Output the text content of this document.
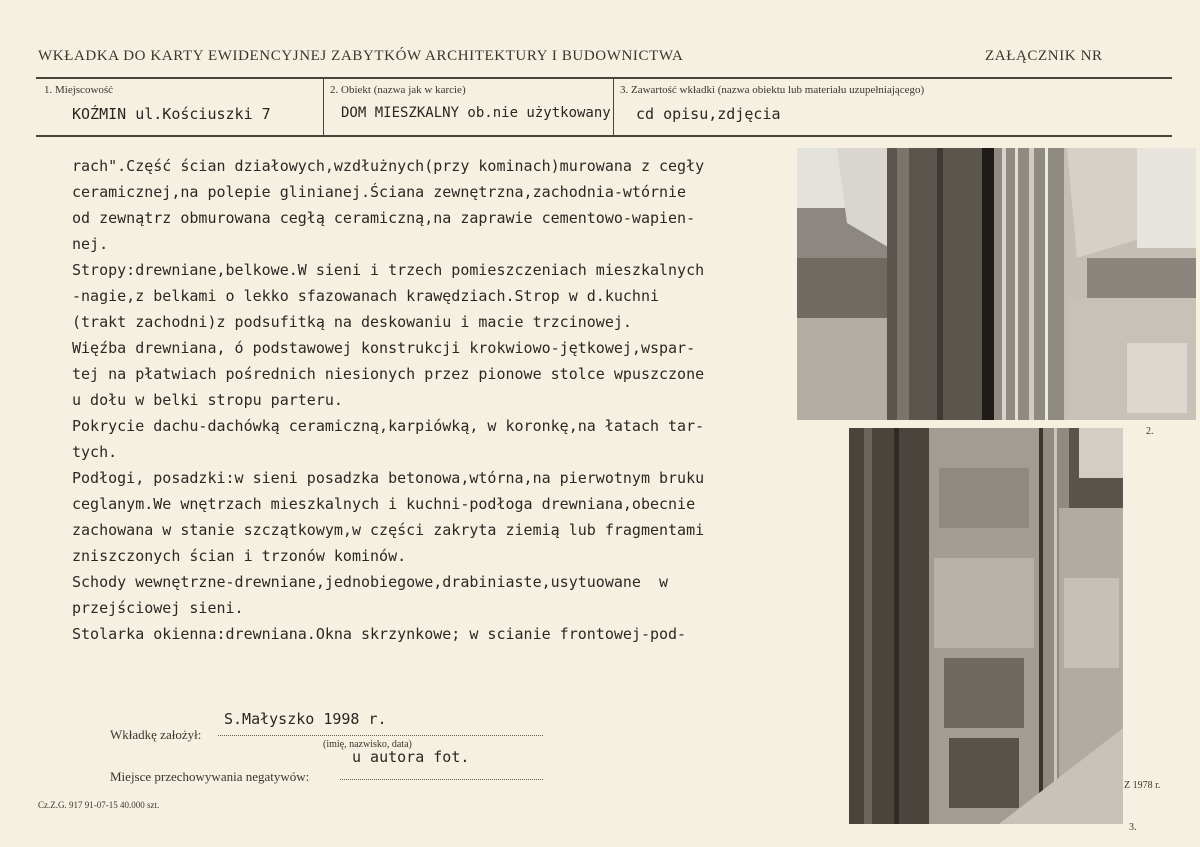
WKŁADKA DO KARTY EWIDENCYJNEJ ZABYTKÓW ARCHITEKTURY I BUDOWNICTWA	ZAŁĄCZNIK NR
1. Miejscowość
KOŹMIN ul.Kościuszki 7
2. Obiekt (nazwa jak w karcie)
DOM MIESZKALNY ob.nie użytkowany
3. Zawartość wkładki (nazwa obiektu lub materiału uzupełniającego)
cd opisu,zdjęcia
rach".Część ścian działowych,wzdłużnych(przy kominach)murowana z cegły
ceramicznej,na polepie glinianej.Ściana zewnętrzna,zachodnia-wtórnie
od zewnątrz obmurowana cegłą ceramiczną,na zaprawie cementowo-wapien-
nej.
Stropy:drewniane,belkowe.W sieni i trzech pomieszczeniach mieszkalnych
-nagie,z belkami o lekko sfazowanach krawędziach.Strop w d.kuchni
(trakt zachodni)z podsufitką na deskowaniu i macie trzcinowej.
Więźba drewniana, ó podstawowej konstrukcji krokwiowo-jętkowej,wspar-
tej na płatwiach pośrednich niesionych przez pionowe stolce wpuszczone
u dołu w belki stropu parteru.
Pokrycie dachu-dachówką ceramiczną,karpiówką, w koronkę,na łatach tar-
tych.
Podłogi, posadzki:w sieni posadzka betonowa,wtórna,na pierwotnym bruku
ceglanym.We wnętrzach mieszkalnych i kuchni-podłoga drewniana,obecnie
zachowana w stanie szczątkowym,w części zakryta ziemią lub fragmentami
zniszczonych ścian i trzonów kominów.
Schody wewnętrzne-drewniane,jednobiegowe,drabiniaste,usytuowane  w
przejściowej sieni.
Stolarka okienna:drewniana.Okna skrzynkowe; w scianie frontowej-pod-
2.
Z 1978 r.
3.
S.Małyszko 1998 r.
Wkładkę założył:
(imię, nazwisko, data)
u autora fot.
Miejsce przechowywania negatywów:
Cz.Z.G. 917 91-07-15 40.000 szt.
